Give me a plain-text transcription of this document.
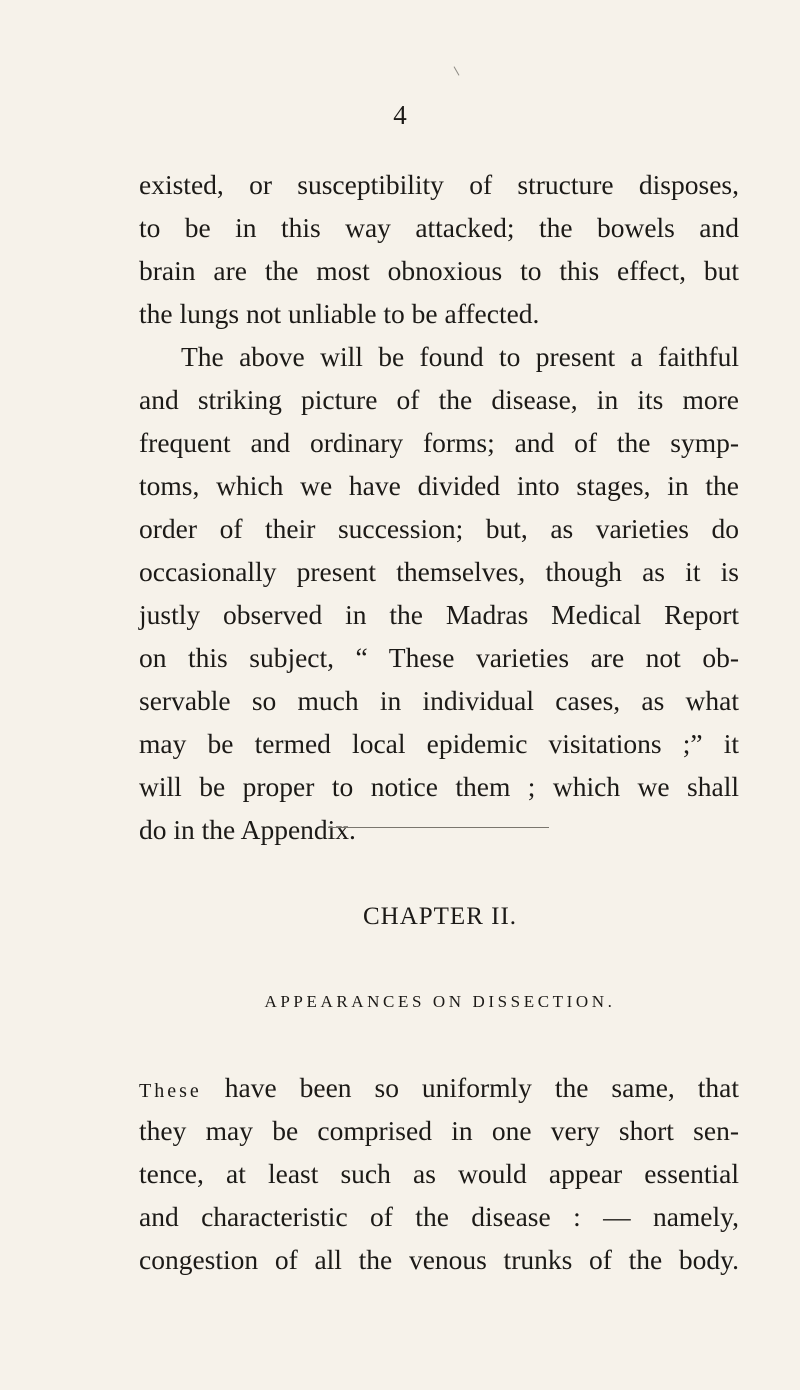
4
existed, or susceptibility of structure disposes,
to be in this way attacked; the bowels and
brain are the most obnoxious to this effect, but
the lungs not unliable to be affected.
The above will be found to present a faithful
and striking picture of the disease, in its more
frequent and ordinary forms; and of the symp-
toms, which we have divided into stages, in the
order of their succession; but, as varieties do
occasionally present themselves, though as it is
justly observed in the Madras Medical Report
on this subject, “ These varieties are not ob-
servable so much in individual cases, as what
may be termed local epidemic visitations ;” it
will be proper to notice them ; which we shall
do in the Appendix.
CHAPTER II.
APPEARANCES ON DISSECTION.
These have been so uniformly the same, that
they may be comprised in one very short sen-
tence, at least such as would appear essential
and characteristic of the disease : — namely,
congestion of all the venous trunks of the body.
